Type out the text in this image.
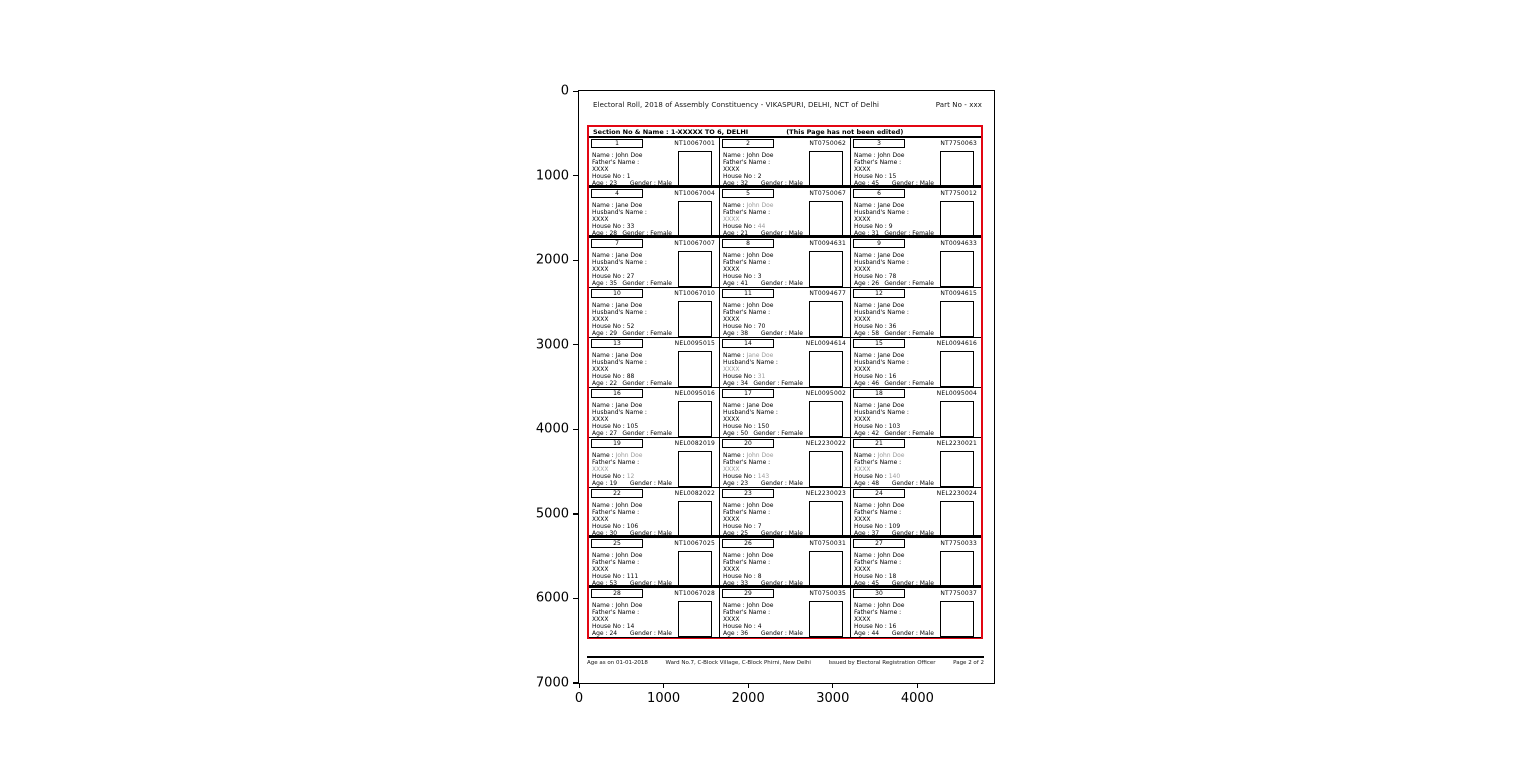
0
1000
2000
3000
4000
5000
6000
7000
0	1000	2000	3000	4000
Electoral Roll, 2018 of Assembly Constituency - VIKASPURI, DELHI, NCT of Delhi	Part No - xxx
Section No & Name : 1-XXXXX TO 6, DELHI	(This Page has not been edited)
1	NT10067001
Name : John Doe
Father's Name : XXXX
House No : 1
Age : 23 Gender : Male
2	NT0750062
Name : John Doe
Father's Name : XXXX
House No : 2
Age : 32 Gender : Male
3	NT7750063
Name : John Doe
Father's Name : XXXX
House No : 15
Age : 45 Gender : Male
4	NT10067004
Name : Jane Doe
Husband's Name : XXXX
House No : 33
Age : 28 Gender : Female
5	NT0750067
Name : John Doe
Father's Name : XXXX
House No : 44
Age : 21 Gender : Male
6	NT7750012
Name : Jane Doe
Husband's Name : XXXX
House No : 9
Age : 31 Gender : Female
7	NT10067007
Name : Jane Doe
Husband's Name : XXXX
House No : 27
Age : 35 Gender : Female
8	NT0094631
Name : John Doe
Father's Name : XXXX
House No : 3
Age : 41 Gender : Male
9	NT0094633
Name : Jane Doe
Husband's Name : XXXX
House No : 78
Age : 26 Gender : Female
10	NT10067010
Name : Jane Doe
Husband's Name : XXXX
House No : 52
Age : 29 Gender : Female
11	NT0094677
Name : John Doe
Father's Name : XXXX
House No : 70
Age : 38 Gender : Male
12	NT0094615
Name : Jane Doe
Husband's Name : XXXX
House No : 36
Age : 58 Gender : Female
13	NEL0095015
Name : Jane Doe
Husband's Name : XXXX
House No : 88
Age : 22 Gender : Female
14	NEL0094614
Name : Jane Doe
Husband's Name : XXXX
House No : 31
Age : 34 Gender : Female
15	NEL0094616
Name : Jane Doe
Husband's Name : XXXX
House No : 16
Age : 46 Gender : Female
16	NEL0095016
Name : Jane Doe
Husband's Name : XXXX
House No : 105
Age : 27 Gender : Female
17	NEL0095002
Name : Jane Doe
Husband's Name : XXXX
House No : 150
Age : 50 Gender : Female
18	NEL0095004
Name : Jane Doe
Husband's Name : XXXX
House No : 103
Age : 42 Gender : Female
19	NEL0082019
Name : John Doe
Father's Name : XXXX
House No : 12
Age : 19 Gender : Male
20	NEL2230022
Name : John Doe
Father's Name : XXXX
House No : 143
Age : 23 Gender : Male
21	NEL2230021
Name : John Doe
Father's Name : XXXX
House No : 140
Age : 48 Gender : Male
22	NEL0082022
Name : John Doe
Father's Name : XXXX
House No : 106
Age : 30 Gender : Male
23	NEL2230023
Name : John Doe
Father's Name : XXXX
House No : 7
Age : 25 Gender : Male
24	NEL2230024
Name : John Doe
Father's Name : XXXX
House No : 109
Age : 37 Gender : Male
25	NT10067025
Name : John Doe
Father's Name : XXXX
House No : 111
Age : 53 Gender : Male
26	NT0750031
Name : John Doe
Father's Name : XXXX
House No : 8
Age : 33 Gender : Male
27	NT7750033
Name : John Doe
Father's Name : XXXX
House No : 18
Age : 45 Gender : Male
28	NT10067028
Name : John Doe
Father's Name : XXXX
House No : 14
Age : 24 Gender : Male
29	NT0750035
Name : John Doe
Father's Name : XXXX
House No : 4
Age : 36 Gender : Male
30	NT7750037
Name : John Doe
Father's Name : XXXX
House No : 16
Age : 44 Gender : Male
Age as on 01-01-2018	Ward No.7, C-Block Village, C-Block Phirni, New Delhi	Issued by Electoral Registration Officer	Page 2 of 2
